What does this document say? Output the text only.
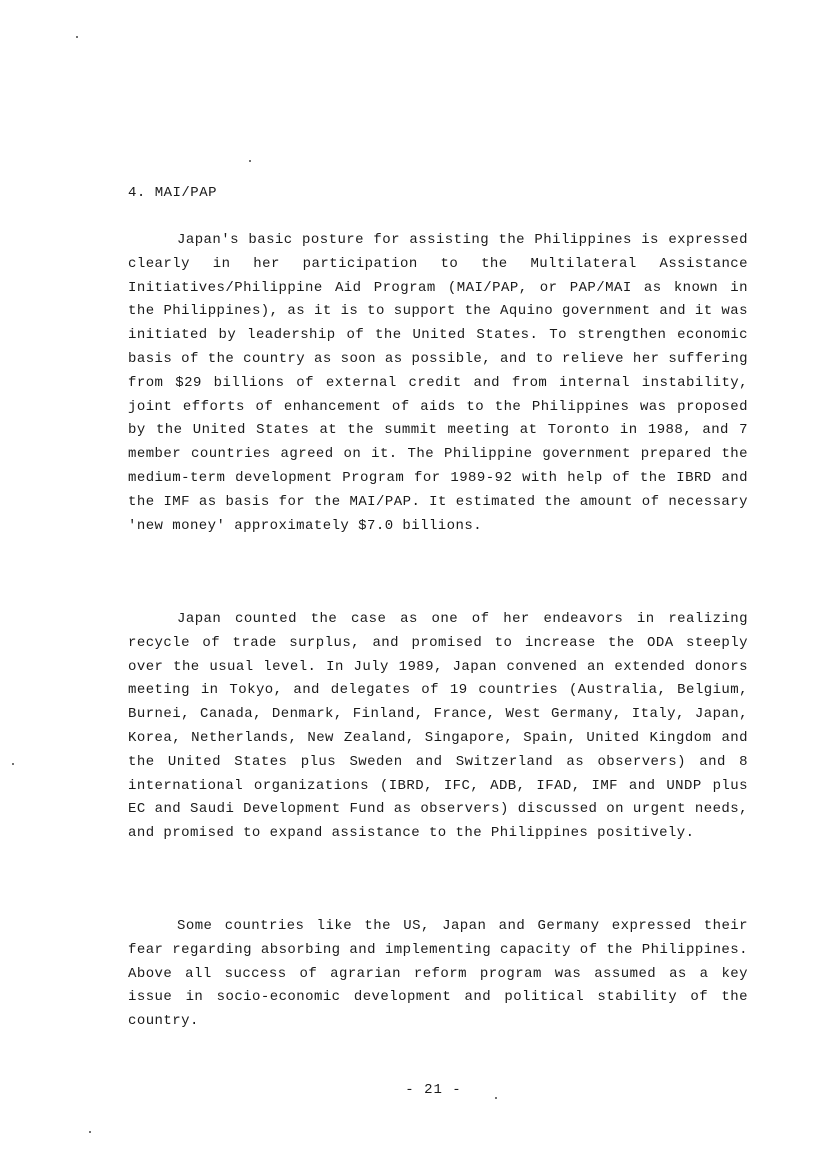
4. MAI/PAP

Japan's basic posture for assisting the Philippines is expressed clearly in her participation to the Multilateral Assistance Initiatives/Philippine Aid Program (MAI/PAP, or PAP/MAI as known in the Philippines), as it is to support the Aquino government and it was initiated by leadership of the United States. To strengthen economic basis of the country as soon as possible, and to relieve her suffering from $29 billions of external credit and from internal instability, joint efforts of enhancement of aids to the Philippines was proposed by the United States at the summit meeting at Toronto in 1988, and 7 member countries agreed on it. The Philippine government prepared the medium-term development Program for 1989-92 with help of the IBRD and the IMF as basis for the MAI/PAP. It estimated the amount of necessary 'new money' approximately $7.0 billions.

Japan counted the case as one of her endeavors in realizing recycle of trade surplus, and promised to increase the ODA steeply over the usual level. In July 1989, Japan convened an extended donors meeting in Tokyo, and delegates of 19 countries (Australia, Belgium, Burnei, Canada, Denmark, Finland, France, West Germany, Italy, Japan, Korea, Netherlands, New Zealand, Singapore, Spain, United Kingdom and the United States plus Sweden and Switzerland as observers) and 8 international organizations (IBRD, IFC, ADB, IFAD, IMF and UNDP plus EC and Saudi Development Fund as observers) discussed on urgent needs, and promised to expand assistance to the Philippines positively.

Some countries like the US, Japan and Germany expressed their fear regarding absorbing and implementing capacity of the Philippines. Above all success of agrarian reform program was assumed as a key issue in socio-economic development and political stability of the country.

- 21 -
